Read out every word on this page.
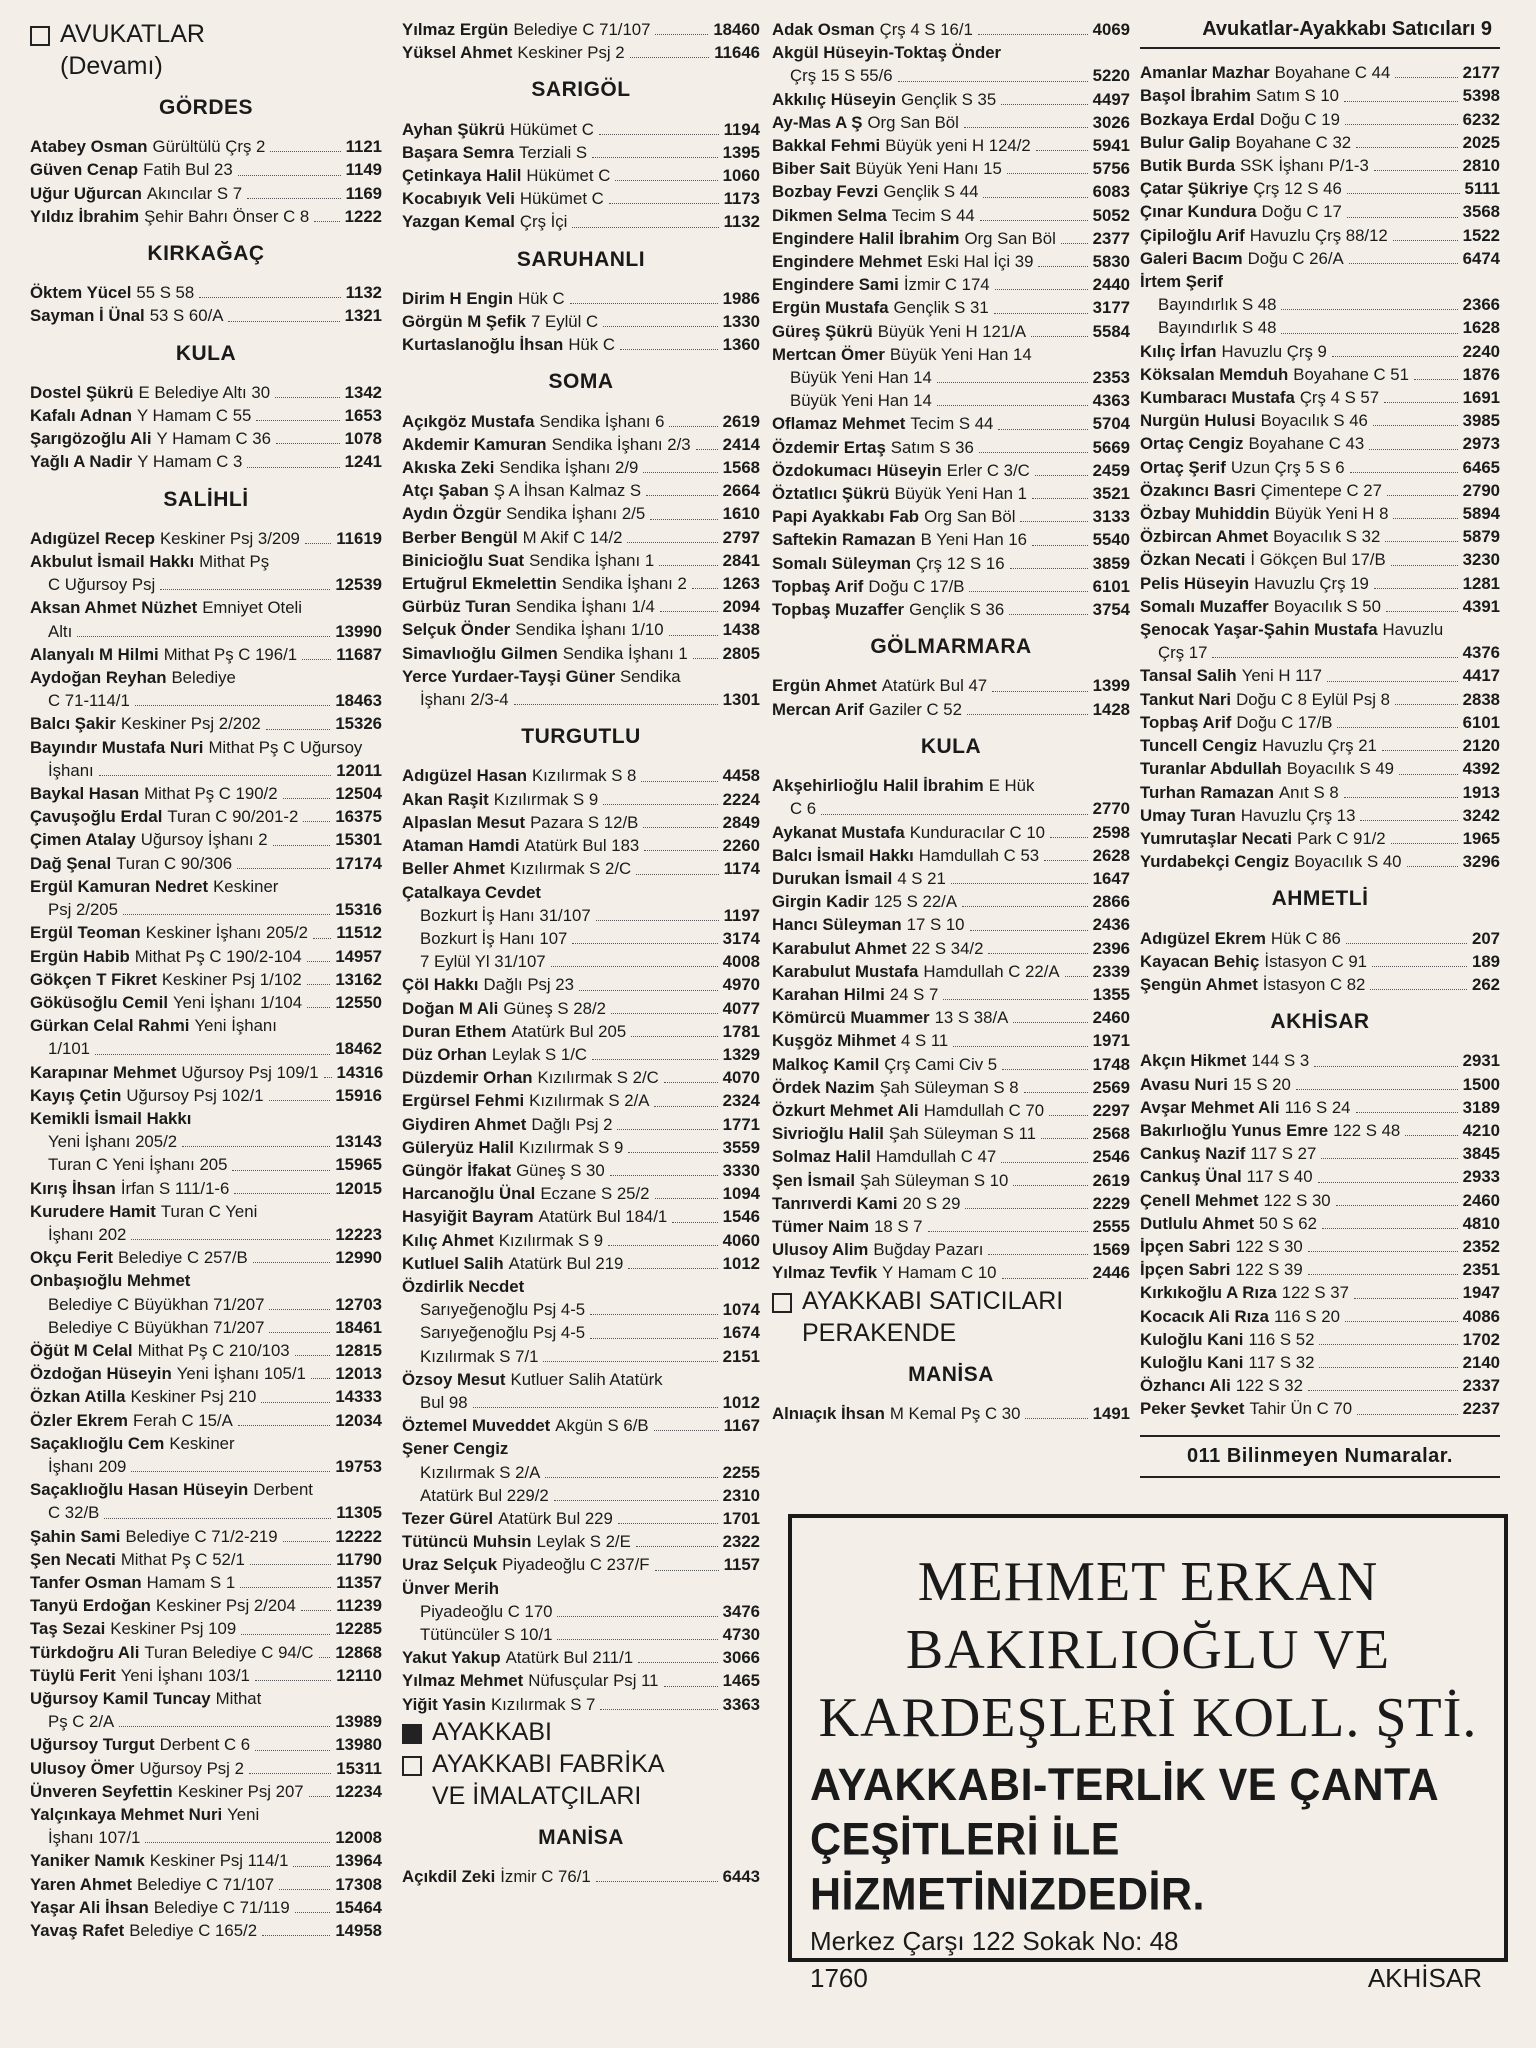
AVUKATLAR
(Devamı)
GÖRDES
Atabey Osman Gürültülü Çrş 2	1121
Güven Cenap Fatih Bul 23	1149
Uğur Uğurcan Akıncılar S 7	1169
Yıldız İbrahim Şehir Bahrı Önser C 8 1222
KIRKAĞAÇ
Öktem Yücel 55 S 58	1132
Sayman İ Ünal 53 S 60/A	1321
KULA
Dostel Şükrü E Belediye Altı 30	1342
Kafalı Adnan Y Hamam C 55	1653
Şarıgözoğlu Ali Y Hamam C 36	1078
Yağlı A Nadir Y Hamam C 3	1241
SALİHLİ
Adıgüzel Recep Keskiner Psj 3/209 11619
Akbulut İsmail Hakkı Mithat Pş
C Uğursoy Psj	12539
Aksan Ahmet Nüzhet Emniyet Oteli
Altı	13990
Alanyalı M Hilmi Mithat Pş C 196/1 11687
Aydoğan Reyhan Belediye
C 71-114/1	18463
Balcı Şakir Keskiner Psj 2/202	15326
Bayındır Mustafa Nuri Mithat Pş C Uğursoy
İşhanı	12011
Baykal Hasan Mithat Pş C 190/2	12504
Çavuşoğlu Erdal Turan C 90/201-2 16375
Çimen Atalay Uğursoy İşhanı 2	15301
Dağ Şenal Turan C 90/306	17174
Ergül Kamuran Nedret Keskiner
Psj 2/205	15316
Ergül Teoman Keskiner İşhanı 205/2 11512
Ergün Habib Mithat Pş C 190/2-104 14957
Gökçen T Fikret Keskiner Psj 1/102 13162
Göküsoğlu Cemil Yeni İşhanı 1/104 12550
Gürkan Celal Rahmi Yeni İşhanı
1/101	18462
Karapınar Mehmet Uğursoy Psj 109/1 14316
Kayış Çetin Uğursoy Psj 102/1	15916
Kemikli İsmail Hakkı
Yeni İşhanı 205/2	13143
Turan C Yeni İşhanı 205	15965
Kırış İhsan İrfan S 111/1-6	12015
Kurudere Hamit Turan C Yeni
İşhanı 202	12223
Okçu Ferit Belediye C 257/B	12990
Onbaşıoğlu Mehmet
Belediye C Büyükhan 71/207	12703
Belediye C Büyükhan 71/207	18461
Öğüt M Celal Mithat Pş C 210/103	12815
Özdoğan Hüseyin Yeni İşhanı 105/1 12013
Özkan Atilla Keskiner Psj 210	14333
Özler Ekrem Ferah C 15/A	12034
Saçaklıoğlu Cem Keskiner
İşhanı 209	19753
Saçaklıoğlu Hasan Hüseyin Derbent
C 32/B	11305
Şahin Sami Belediye C 71/2-219	12222
Şen Necati Mithat Pş C 52/1	11790
Tanfer Osman Hamam S 1	11357
Tanyü Erdoğan Keskiner Psj 2/204 11239
Taş Sezai Keskiner Psj 109	12285
Türkdoğru Ali Turan Belediye C 94/C 12868
Tüylü Ferit Yeni İşhanı 103/1	12110
Uğursoy Kamil Tuncay Mithat
Pş C 2/A	13989
Uğursoy Turgut Derbent C 6	13980
Ulusoy Ömer Uğursoy Psj 2	15311
Ünveren Seyfettin Keskiner Psj 207 12234
Yalçınkaya Mehmet Nuri Yeni
İşhanı 107/1	12008
Yaniker Namık Keskiner Psj 114/1	13964
Yaren Ahmet Belediye C 71/107	17308
Yaşar Ali İhsan Belediye C 71/119	15464
Yavaş Rafet Belediye C 165/2	14958
Yılmaz Ergün Belediye C 71/107	18460
Yüksel Ahmet Keskiner Psj 2	11646
SARIGÖL
Ayhan Şükrü Hükümet C	1194
Başara Semra Terziali S	1395
Çetinkaya Halil Hükümet C	1060
Kocabıyık Veli Hükümet C	1173
Yazgan Kemal Çrş İçi	1132
SARUHANLI
Dirim H Engin Hük C	1986
Görgün M Şefik 7 Eylül C	1330
Kurtaslanoğlu İhsan Hük C	1360
SOMA
Açıkgöz Mustafa Sendika İşhanı 6	2619
Akdemir Kamuran Sendika İşhanı 2/3 2414
Akıska Zeki Sendika İşhanı 2/9	1568
Atçı Şaban Ş A İhsan Kalmaz S	2664
Aydın Özgür Sendika İşhanı 2/5	1610
Berber Bengül M Akif C 14/2	2797
Binicioğlu Suat Sendika İşhanı 1	2841
Ertuğrul Ekmelettin Sendika İşhanı 2 1263
Gürbüz Turan Sendika İşhanı 1/4	2094
Selçuk Önder Sendika İşhanı 1/10	1438
Simavlıoğlu Gilmen Sendika İşhanı 1 2805
Yerce Yurdaer-Tayşi Güner Sendika
İşhanı 2/3-4	1301
TURGUTLU
Adıgüzel Hasan Kızılırmak S 8	4458
Akan Raşit Kızılırmak S 9	2224
Alpaslan Mesut Pazara S 12/B	2849
Ataman Hamdi Atatürk Bul 183	2260
Beller Ahmet Kızılırmak S 2/C	1174
Çatalkaya Cevdet
Bozkurt İş Hanı 31/107	1197
Bozkurt İş Hanı 107	3174
7 Eylül Yl 31/107	4008
Çöl Hakkı Dağlı Psj 23	4970
Doğan M Ali Güneş S 28/2	4077
Duran Ethem Atatürk Bul 205	1781
Düz Orhan Leylak S 1/C	1329
Düzdemir Orhan Kızılırmak S 2/C	4070
Ergürsel Fehmi Kızılırmak S 2/A	2324
Giydiren Ahmet Dağlı Psj 2	1771
Güleryüz Halil Kızılırmak S 9	3559
Güngör İfakat Güneş S 30	3330
Harcanoğlu Ünal Eczane S 25/2	1094
Hasyiğit Bayram Atatürk Bul 184/1	1546
Kılıç Ahmet Kızılırmak S 9	4060
Kutluel Salih Atatürk Bul 219	1012
Özdirlik Necdet
Sarıyeğenoğlu Psj 4-5	1074
Sarıyeğenoğlu Psj 4-5	1674
Kızılırmak S 7/1	2151
Özsoy Mesut Kutluer Salih Atatürk
Bul 98	1012
Öztemel Muveddet Akgün S 6/B	1167
Şener Cengiz
Kızılırmak S 2/A	2255
Atatürk Bul 229/2	2310
Tezer Gürel Atatürk Bul 229	1701
Tütüncü Muhsin Leylak S 2/E	2322
Uraz Selçuk Piyadeoğlu C 237/F	1157
Ünver Merih
Piyadeoğlu C 170	3476
Tütüncüler S 10/1	4730
Yakut Yakup Atatürk Bul 211/1	3066
Yılmaz Mehmet Nüfusçular Psj 11	1465
Yiğit Yasin Kızılırmak S 7	3363
AYAKKABI
AYAKKABI FABRİKA
VE İMALATÇILARI
MANİSA
Açıkdil Zeki İzmir C 76/1	6443
Adak Osman Çrş 4 S 16/1	4069
Akgül Hüseyin-Toktaş Önder
Çrş 15 S 55/6	5220
Akkılıç Hüseyin Gençlik S 35	4497
Ay-Mas A Ş Org San Böl	3026
Bakkal Fehmi Büyük yeni H 124/2	5941
Biber Sait Büyük Yeni Hanı 15	5756
Bozbay Fevzi Gençlik S 44	6083
Dikmen Selma Tecim S 44	5052
Engindere Halil İbrahim Org San Böl 2377
Engindere Mehmet Eski Hal İçi 39	5830
Engindere Sami İzmir C 174	2440
Ergün Mustafa Gençlik S 31	3177
Güreş Şükrü Büyük Yeni H 121/A	5584
Mertcan Ömer Büyük Yeni Han 14
Büyük Yeni Han 14	2353
Büyük Yeni Han 14	4363
Oflamaz Mehmet Tecim S 44	5704
Özdemir Ertaş Satım S 36	5669
Özdokumacı Hüseyin Erler C 3/C	2459
Öztatlıcı Şükrü Büyük Yeni Han 1	3521
Papi Ayakkabı Fab Org San Böl	3133
Saftekin Ramazan B Yeni Han 16	5540
Somalı Süleyman Çrş 12 S 16	3859
Topbaş Arif Doğu C 17/B	6101
Topbaş Muzaffer Gençlik S 36	3754
GÖLMARMARA
Ergün Ahmet Atatürk Bul 47	1399
Mercan Arif Gaziler C 52	1428
KULA
Akşehirlioğlu Halil İbrahim E Hük
C 6	2770
Aykanat Mustafa Kunduracılar C 10	2598
Balcı İsmail Hakkı Hamdullah C 53	2628
Durukan İsmail 4 S 21	1647
Girgin Kadir 125 S 22/A	2866
Hancı Süleyman 17 S 10	2436
Karabulut Ahmet 22 S 34/2	2396
Karabulut Mustafa Hamdullah C 22/A 2339
Karahan Hilmi 24 S 7	1355
Kömürcü Muammer 13 S 38/A	2460
Kuşgöz Mihmet 4 S 11	1971
Malkoç Kamil Çrş Cami Civ 5	1748
Ördek Nazim Şah Süleyman S 8	2569
Özkurt Mehmet Ali Hamdullah C 70	2297
Sivrioğlu Halil Şah Süleyman S 11	2568
Solmaz Halil Hamdullah C 47	2546
Şen İsmail Şah Süleyman S 10	2619
Tanrıverdi Kami 20 S 29	2229
Tümer Naim 18 S 7	2555
Ulusoy Alim Buğday Pazarı	1569
Yılmaz Tevfik Y Hamam C 10	2446
AYAKKABI SATICILARI
PERAKENDE
MANİSA
Alnıaçık İhsan M Kemal Pş C 30	1491
Avukatlar-Ayakkabı Satıcıları 9
Amanlar Mazhar Boyahane C 44	2177
Başol İbrahim Satım S 10	5398
Bozkaya Erdal Doğu C 19	6232
Bulur Galip Boyahane C 32	2025
Butik Burda SSK İşhanı P/1-3	2810
Çatar Şükriye Çrş 12 S 46	5111
Çınar Kundura Doğu C 17	3568
Çipiloğlu Arif Havuzlu Çrş 88/12	1522
Galeri Bacım Doğu C 26/A	6474
İrtem Şerif
Bayındırlık S 48	2366
Bayındırlık S 48	1628
Kılıç İrfan Havuzlu Çrş 9	2240
Köksalan Memduh Boyahane C 51	1876
Kumbaracı Mustafa Çrş 4 S 57	1691
Nurgün Hulusi Boyacılık S 46	3985
Ortaç Cengiz Boyahane C 43	2973
Ortaç Şerif Uzun Çrş 5 S 6	6465
Özakıncı Basri Çimentepe C 27	2790
Özbay Muhiddin Büyük Yeni H 8	5894
Özbircan Ahmet Boyacılık S 32	5879
Özkan Necati İ Gökçen Bul 17/B	3230
Pelis Hüseyin Havuzlu Çrş 19	1281
Somalı Muzaffer Boyacılık S 50	4391
Şenocak Yaşar-Şahin Mustafa Havuzlu
Çrş 17	4376
Tansal Salih Yeni H 117	4417
Tankut Nari Doğu C 8 Eylül Psj 8	2838
Topbaş Arif Doğu C 17/B	6101
Tuncell Cengiz Havuzlu Çrş 21	2120
Turanlar Abdullah Boyacılık S 49	4392
Turhan Ramazan Anıt S 8	1913
Umay Turan Havuzlu Çrş 13	3242
Yumrutaşlar Necati Park C 91/2	1965
Yurdabekçi Cengiz Boyacılık S 40	3296
AHMETLİ
Adıgüzel Ekrem Hük C 86	207
Kayacan Behiç İstasyon C 91	189
Şengün Ahmet İstasyon C 82	262
AKHİSAR
Akçın Hikmet 144 S 3	2931
Avasu Nuri 15 S 20	1500
Avşar Mehmet Ali 116 S 24	3189
Bakırlıoğlu Yunus Emre 122 S 48	4210
Cankuş Nazif 117 S 27	3845
Cankuş Ünal 117 S 40	2933
Çenell Mehmet 122 S 30	2460
Dutlulu Ahmet 50 S 62	4810
İpçen Sabri 122 S 30	2352
İpçen Sabri 122 S 39	2351
Kırkıkoğlu A Rıza 122 S 37	1947
Kocacık Ali Rıza 116 S 20	4086
Kuloğlu Kani 116 S 52	1702
Kuloğlu Kani 117 S 32	2140
Özhancı Ali 122 S 32	2337
Peker Şevket Tahir Ün C 70	2237
011 Bilinmeyen Numaralar.
MEHMET ERKAN
BAKIRLIOĞLU VE
KARDEŞLERİ KOLL. ŞTİ.
AYAKKABI-TERLİK VE ÇANTA
ÇEŞİTLERİ İLE HİZMETİNİZDEDİR.
Merkez Çarşı 122 Sokak No: 48
1760	AKHİSAR
